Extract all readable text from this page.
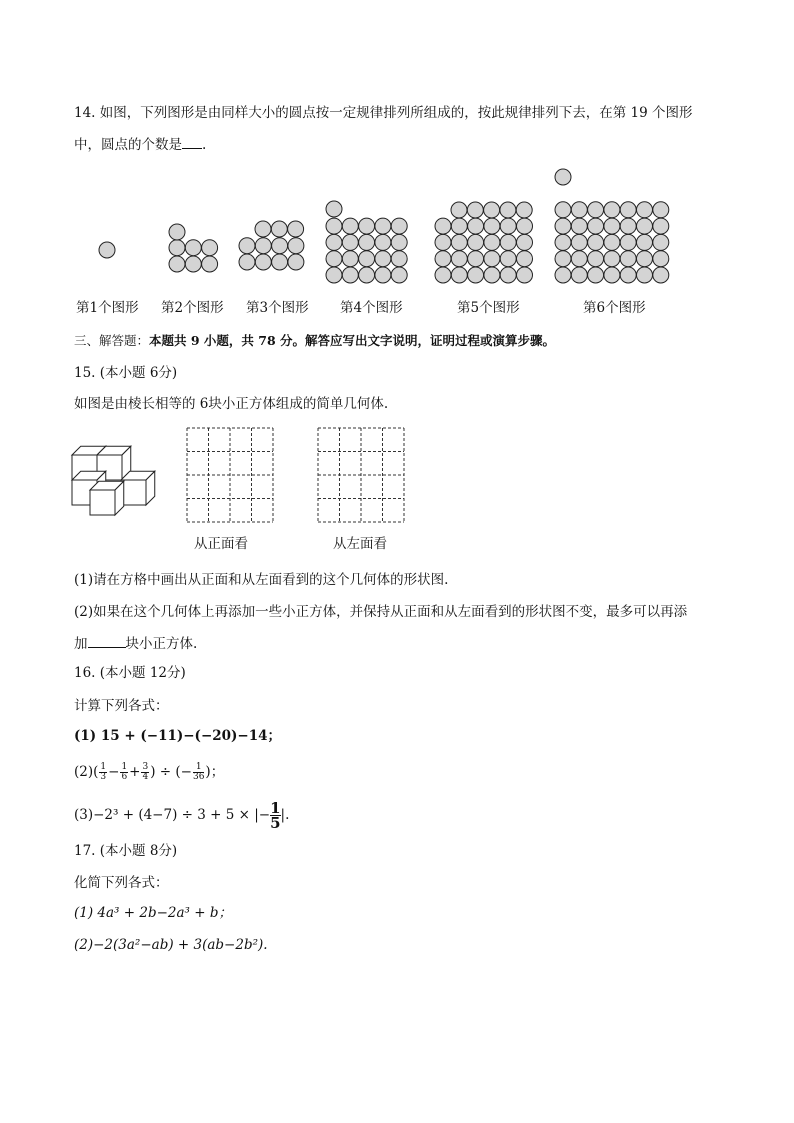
14. 如图，下列图形是由同样大小的圆点按一定规律排列所组成的，按此规律排列下去，在第 19 个图形
中，圆点的个数是 .
第1个图形 第2个图形 第3个图形 第4个图形	第5个图形	第6个图形
三、解答题：本题共 9 小题，共 78 分。解答应写出文字说明，证明过程或演算步骤。
15. (本小题 6分)
如图是由棱长相等的 6块小正方体组成的简单几何体.
从正面看	从左面看
(1)请在方格中画出从正面和从左面看到的这个几何体的形状图.
(2)如果在这个几何体上再添加一些小正方体，并保持从正面和从左面看到的形状图不变，最多可以再添
加	块小正方体.
16. (本小题 12分)
计算下列各式：
(1) 15 + (−11)−(−20)−14；
$(2)( \frac{1}{3} - \frac{1}{6} + \frac{3}{4}$ ) ÷ (− $\frac{1}{36}$ )；
(3)−2³ + (4−7) ÷ 3 + 5 × |− $\frac{1}{5}$ |.
17. (本小题 8分)
化简下列各式：
(1) 4a³ + 2b−2a³ + b；
(2)−2(3a²−ab) + 3(ab−2b²).
